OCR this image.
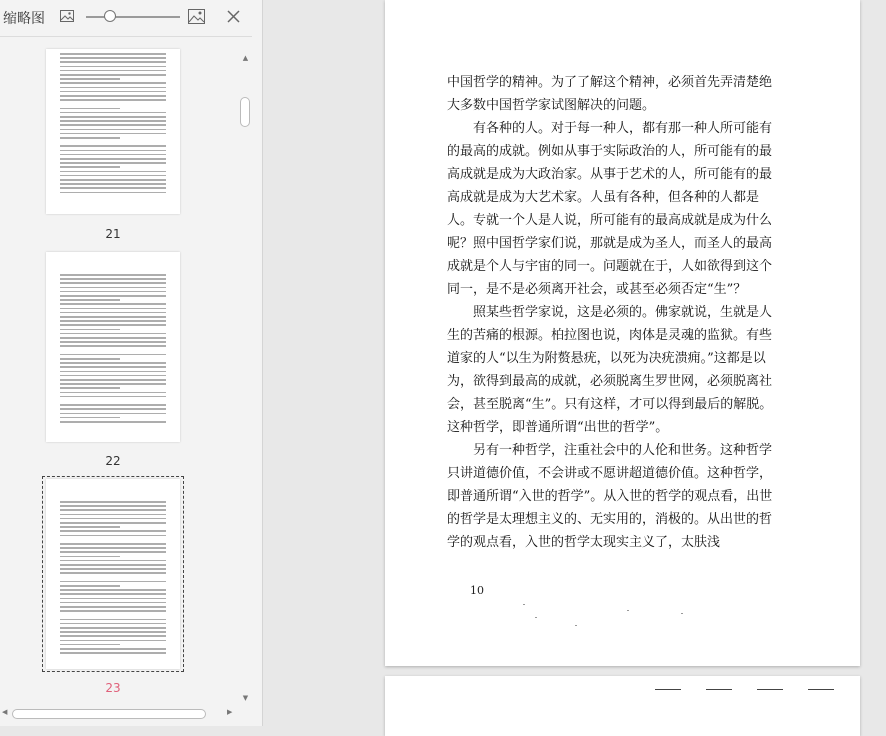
缩略图
21
22
23
▲
▼
◀	▶

中国哲学的精神。为了了解这个精神，必须首先弄清楚绝大多数中国哲学家试图解决的问题。

有各种的人。对于每一种人，都有那一种人所可能有的最高的成就。例如从事于实际政治的人，所可能有的最高成就是成为大政治家。从事于艺术的人，所可能有的最高成就是成为大艺术家。人虽有各种，但各种的人都是人。专就一个人是人说，所可能有的最高成就是成为什么呢？照中国哲学家们说，那就是成为圣人，而圣人的最高成就是个人与宇宙的同一。问题就在于，人如欲得到这个同一，是不是必须离开社会，或甚至必须否定“生”？

照某些哲学家说，这是必须的。佛家就说，生就是人生的苦痛的根源。柏拉图也说，肉体是灵魂的监狱。有些道家的人“以生为附赘悬疣，以死为决疣溃痈。”这都是以为，欲得到最高的成就，必须脱离生罗世网，必须脱离社会，甚至脱离“生”。只有这样，才可以得到最后的解脱。这种哲学，即普通所谓“出世的哲学”。

另有一种哲学，注重社会中的人伦和世务。这种哲学只讲道德价值，不会讲或不愿讲超道德价值。这种哲学，即普通所谓“入世的哲学”。从入世的哲学的观点看，出世的哲学是太理想主义的、无实用的，消极的。从出世的哲学的观点看，入世的哲学太现实主义了，太肤浅

10
